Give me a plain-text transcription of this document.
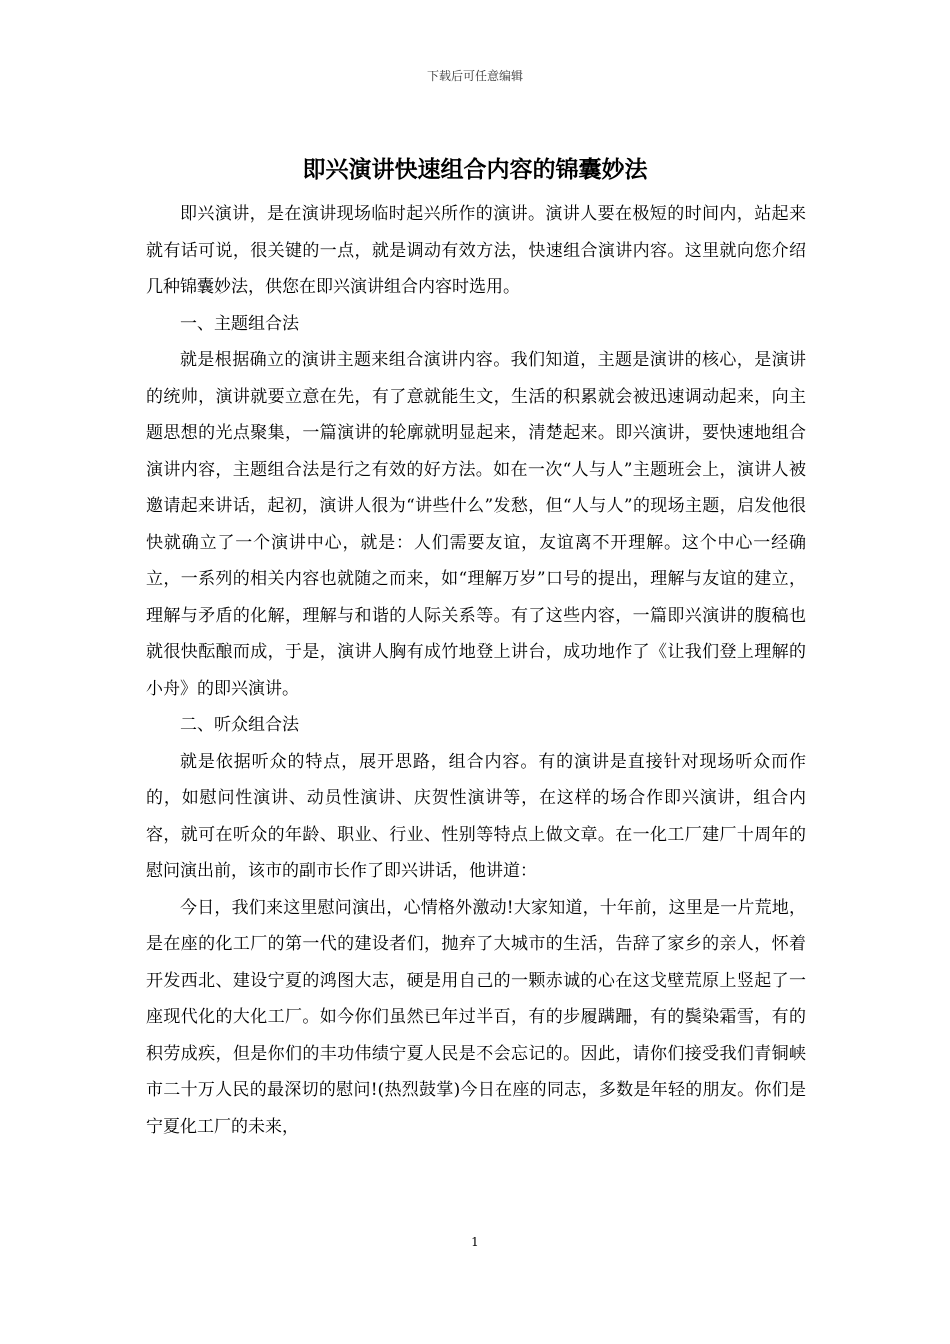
下载后可任意编辑
即兴演讲快速组合内容的锦囊妙法

即兴演讲，是在演讲现场临时起兴所作的演讲。演讲人要在极短的时间内，站起来就有话可说，很关键的一点，就是调动有效方法，快速组合演讲内容。这里就向您介绍几种锦囊妙法，供您在即兴演讲组合内容时选用。

一、主题组合法

就是根据确立的演讲主题来组合演讲内容。我们知道，主题是演讲的核心，是演讲的统帅，演讲就要立意在先，有了意就能生文，生活的积累就会被迅速调动起来，向主题思想的光点聚集，一篇演讲的轮廓就明显起来，清楚起来。即兴演讲，要快速地组合演讲内容，主题组合法是行之有效的好方法。如在一次“人与人”主题班会上，演讲人被邀请起来讲话，起初，演讲人很为“讲些什么”发愁，但“人与人”的现场主题，启发他很快就确立了一个演讲中心，就是：人们需要友谊，友谊离不开理解。这个中心一经确立，一系列的相关内容也就随之而来，如“理解万岁”口号的提出，理解与友谊的建立，理解与矛盾的化解，理解与和谐的人际关系等。有了这些内容，一篇即兴演讲的腹稿也就很快酝酿而成，于是，演讲人胸有成竹地登上讲台，成功地作了《让我们登上理解的小舟》的即兴演讲。

二、听众组合法

就是依据听众的特点，展开思路，组合内容。有的演讲是直接针对现场听众而作的，如慰问性演讲、动员性演讲、庆贺性演讲等，在这样的场合作即兴演讲，组合内容，就可在听众的年龄、职业、行业、性别等特点上做文章。在一化工厂建厂十周年的慰问演出前，该市的副市长作了即兴讲话，他讲道：

今日，我们来这里慰问演出，心情格外激动!大家知道，十年前，这里是一片荒地，是在座的化工厂的第一代的建设者们，抛弃了大城市的生活，告辞了家乡的亲人，怀着开发西北、建设宁夏的鸿图大志，硬是用自己的一颗赤诚的心在这戈壁荒原上竖起了一座现代化的大化工厂。如今你们虽然已年过半百，有的步履蹒跚，有的鬓染霜雪，有的积劳成疾，但是你们的丰功伟绩宁夏人民是不会忘记的。因此，请你们接受我们青铜峡市二十万人民的最深切的慰问!(热烈鼓掌)今日在座的同志，多数是年轻的朋友。你们是宁夏化工厂的未来，

1
